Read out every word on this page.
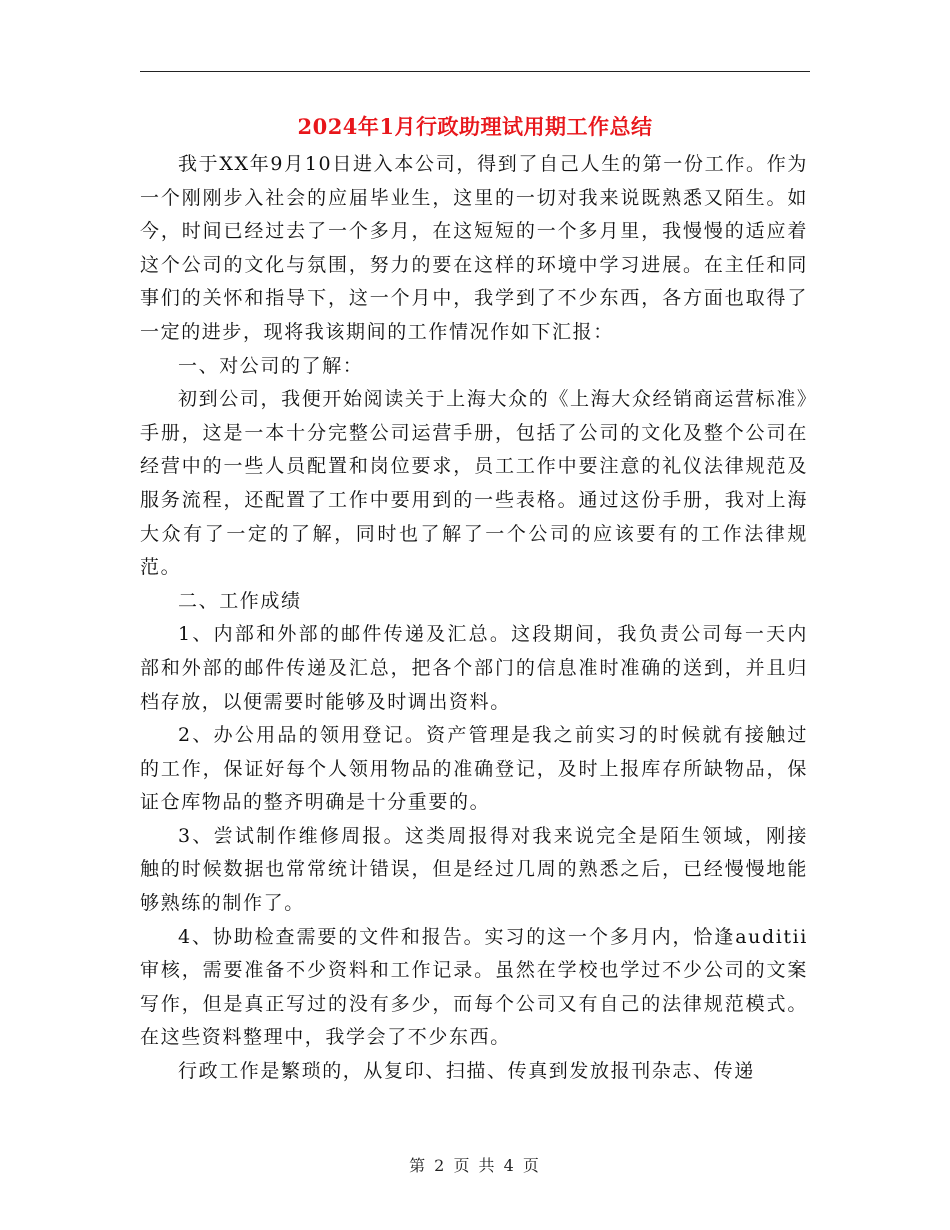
2024年1月行政助理试用期工作总结

我于XX年9月10日进入本公司，得到了自己人生的第一份工作。作为一个刚刚步入社会的应届毕业生，这里的一切对我来说既熟悉又陌生。如今，时间已经过去了一个多月，在这短短的一个多月里，我慢慢的适应着这个公司的文化与氛围，努力的要在这样的环境中学习进展。在主任和同事们的关怀和指导下，这一个月中，我学到了不少东西，各方面也取得了一定的进步，现将我该期间的工作情况作如下汇报：

一、对公司的了解：

初到公司，我便开始阅读关于上海大众的《上海大众经销商运营标准》手册，这是一本十分完整公司运营手册，包括了公司的文化及整个公司在经营中的一些人员配置和岗位要求，员工工作中要注意的礼仪法律规范及服务流程，还配置了工作中要用到的一些表格。通过这份手册，我对上海大众有了一定的了解，同时也了解了一个公司的应该要有的工作法律规范。

二、工作成绩

1、内部和外部的邮件传递及汇总。这段期间，我负责公司每一天内部和外部的邮件传递及汇总，把各个部门的信息准时准确的送到，并且归档存放，以便需要时能够及时调出资料。

2、办公用品的领用登记。资产管理是我之前实习的时候就有接触过的工作，保证好每个人领用物品的准确登记，及时上报库存所缺物品，保证仓库物品的整齐明确是十分重要的。

3、尝试制作维修周报。这类周报得对我来说完全是陌生领域，刚接触的时候数据也常常统计错误，但是经过几周的熟悉之后，已经慢慢地能够熟练的制作了。

4、协助检查需要的文件和报告。实习的这一个多月内，恰逢auditii审核，需要准备不少资料和工作记录。虽然在学校也学过不少公司的文案写作，但是真正写过的没有多少，而每个公司又有自己的法律规范模式。在这些资料整理中，我学会了不少东西。

行政工作是繁琐的，从复印、扫描、传真到发放报刊杂志、传递

第 2 页 共 4 页
